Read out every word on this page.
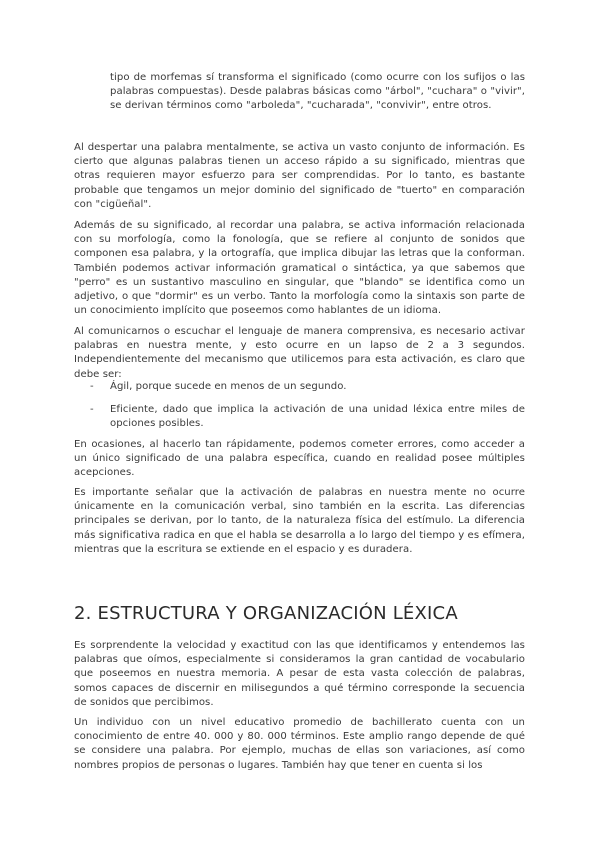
tipo de morfemas sí transforma el significado (como ocurre con los sufijos o las palabras compuestas). Desde palabras básicas como "árbol", "cuchara" o "vivir", se derivan términos como "arboleda", "cucharada", "convivir", entre otros.

Al despertar una palabra mentalmente, se activa un vasto conjunto de información. Es cierto que algunas palabras tienen un acceso rápido a su significado, mientras que otras requieren mayor esfuerzo para ser comprendidas. Por lo tanto, es bastante probable que tengamos un mejor dominio del significado de "tuerto" en comparación con "cigüeñal".

Además de su significado, al recordar una palabra, se activa información relacionada con su morfología, como la fonología, que se refiere al conjunto de sonidos que componen esa palabra, y la ortografía, que implica dibujar las letras que la conforman. También podemos activar información gramatical o sintáctica, ya que sabemos que "perro" es un sustantivo masculino en singular, que "blando" se identifica como un adjetivo, o que "dormir" es un verbo. Tanto la morfología como la sintaxis son parte de un conocimiento implícito que poseemos como hablantes de un idioma.

Al comunicarnos o escuchar el lenguaje de manera comprensiva, es necesario activar palabras en nuestra mente, y esto ocurre en un lapso de 2 a 3 segundos. Independientemente del mecanismo que utilicemos para esta activación, es claro que debe ser:

- Ágil, porque sucede en menos de un segundo.

- Eficiente, dado que implica la activación de una unidad léxica entre miles de opciones posibles.

En ocasiones, al hacerlo tan rápidamente, podemos cometer errores, como acceder a un único significado de una palabra específica, cuando en realidad posee múltiples acepciones.

Es importante señalar que la activación de palabras en nuestra mente no ocurre únicamente en la comunicación verbal, sino también en la escrita. Las diferencias principales se derivan, por lo tanto, de la naturaleza física del estímulo. La diferencia más significativa radica en que el habla se desarrolla a lo largo del tiempo y es efímera, mientras que la escritura se extiende en el espacio y es duradera.

2. ESTRUCTURA Y ORGANIZACIÓN LÉXICA

Es sorprendente la velocidad y exactitud con las que identificamos y entendemos las palabras que oímos, especialmente si consideramos la gran cantidad de vocabulario que poseemos en nuestra memoria. A pesar de esta vasta colección de palabras, somos capaces de discernir en milisegundos a qué término corresponde la secuencia de sonidos que percibimos.

Un individuo con un nivel educativo promedio de bachillerato cuenta con un conocimiento de entre 40. 000 y 80. 000 términos. Este amplio rango depende de qué se considere una palabra. Por ejemplo, muchas de ellas son variaciones, así como nombres propios de personas o lugares. También hay que tener en cuenta si los
